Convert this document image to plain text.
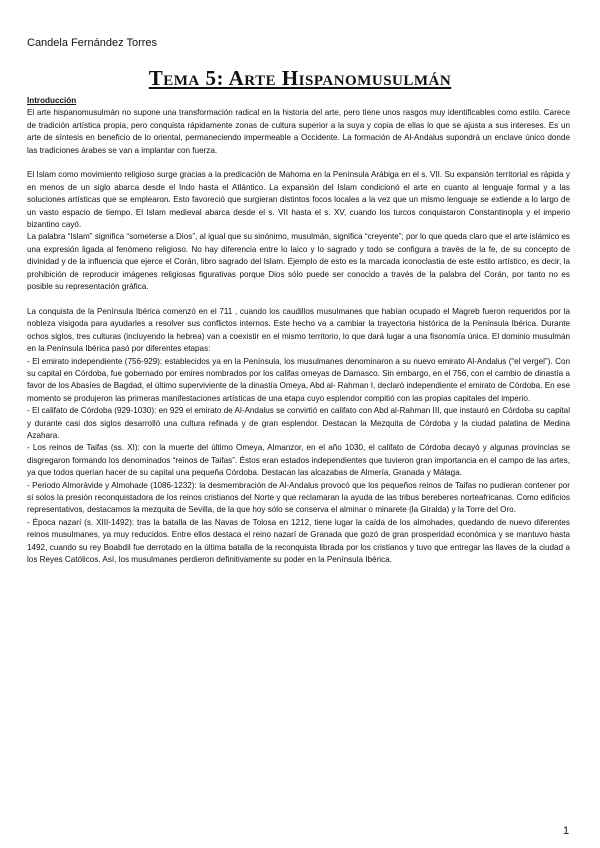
Candela Fernández Torres
Tema 5: Arte Hispanomusulmán

Introducción

El arte hispanomusulmán no supone una transformación radical en la historia del arte, pero tiene unos rasgos muy identificables como estilo. Carece de tradición artística propia, pero conquista rápidamente zonas de cultura superior a la suya y copia de ellas lo que se ajusta a sus intereses. Es un arte de síntesis en beneficio de lo oriental, permaneciendo impermeable a Occidente. La formación de Al-Andalus supondrá un enclave único donde las tradiciones árabes se van a implantar con fuerza.

El Islam como movimiento religioso surge gracias a la predicación de Mahoma en la Península Arábiga en el s. VII. Su expansión territorial es rápida y en menos de un siglo abarca desde el Indo hasta el Atlántico. La expansión del Islam condicionó el arte en cuanto al lenguaje formal y a las soluciones artísticas que se emplearon. Esto favoreció que surgieran distintos focos locales a la vez que un mismo lenguaje se extiende a lo largo de un vasto espacio de tiempo. El Islam medieval abarca desde el s. VII hasta el s. XV, cuando los turcos conquistaron Constantinopla y el imperio bizantino cayó.

La palabra “Islam” significa “someterse a Dios”, al igual que su sinónimo, musulmán, significa “creyente”; por lo que queda claro que el arte islámico es una expresión ligada al fenómeno religioso. No hay diferencia entre lo laico y lo sagrado y todo se configura a través de la fe, de su concepto de divinidad y de la influencia que ejerce el Corán, libro sagrado del Islam. Ejemplo de esto es la marcada iconoclastia de este estilo artístico, es decir, la prohibición de reproducir imágenes religiosas figurativas porque Dios sólo puede ser conocido a través de la palabra del Corán, por tanto no es posible su representación gráfica.

La conquista de la Península Ibérica comenzó en el 711 , cuando los caudillos musulmanes que habían ocupado el Magreb fueron requeridos por la nobleza visigoda para ayudarles a resolver sus conflictos internos. Este hecho va a cambiar la trayectoria histórica de la Península Ibérica. Durante ochos siglos, tres culturas (incluyendo la hebrea) van a coexistir en el mismo territorio, lo que dará lugar a una fisonomía única. El dominio musulmán en la Península Ibérica pasó por diferentes etapas:

- El emirato independiente (756-929): establecidos ya en la Península, los musulmanes denominaron a su nuevo emirato Al-Andalus (“el vergel”). Con su capital en Córdoba, fue gobernado por emires nombrados por los califas omeyas de Damasco. Sin embargo, en el 756, con el cambio de dinastía a favor de los Abasíes de Bagdad, el último superviviente de la dinastía Omeya, Abd al- Rahman I, declaró independiente el emirato de Córdoba. En ese momento se produjeron las primeras manifestaciones artísticas de una etapa cuyo esplendor compitió con las propias capitales del imperio.

- El califato de Córdoba (929-1030): en 929 el emirato de Al-Andalus se convirtió en califato con Abd al-Rahman III, que instauró en Córdoba su capital y durante casi dos siglos desarrolló una cultura refinada y de gran esplendor. Destacan la Mezquita de Córdoba y la ciudad palatina de Medina Azahara.

- Los reinos de Taifas (ss. XI): con la muerte del último Omeya, Almanzor, en el año 1030, el califato de Córdoba decayó y algunas provincias se disgregaron formando los denominados “reinos de Taifas”. Éstos eran estados independientes que tuvieron gran importancia en el campo de las artes, ya que todos querían hacer de su capital una pequeña Córdoba. Destacan las alcazabas de Almería, Granada y Málaga.

- Periodo Almorávide y Almohade (1086-1232): la desmembración de Al-Andalus provocó que los pequeños reinos de Taifas no pudieran contener por sí solos la presión reconquistadora de los reinos cristianos del Norte y que reclamaran la ayuda de las tribus bereberes norteafricanas. Como edificios representativos, destacamos la mezquita de Sevilla, de la que hoy sólo se conserva el alminar o minarete (la Giralda) y la Torre del Oro.

- Época nazarí (s. XIII-1492): tras la batalla de las Navas de Tolosa en 1212, tiene lugar la caída de los almohades, quedando de nuevo diferentes reinos musulmanes, ya muy reducidos. Entre ellos destaca el reino nazarí de Granada que gozó de gran prosperidad económica y se mantuvo hasta 1492, cuando su rey Boabdil fue derrotado en la última batalla de la reconquista librada por los cristianos y tuvo que entregar las llaves de la ciudad a los Reyes Católicos. Así, los musulmanes perdieron definitivamente su poder en la Península Ibérica.

1
